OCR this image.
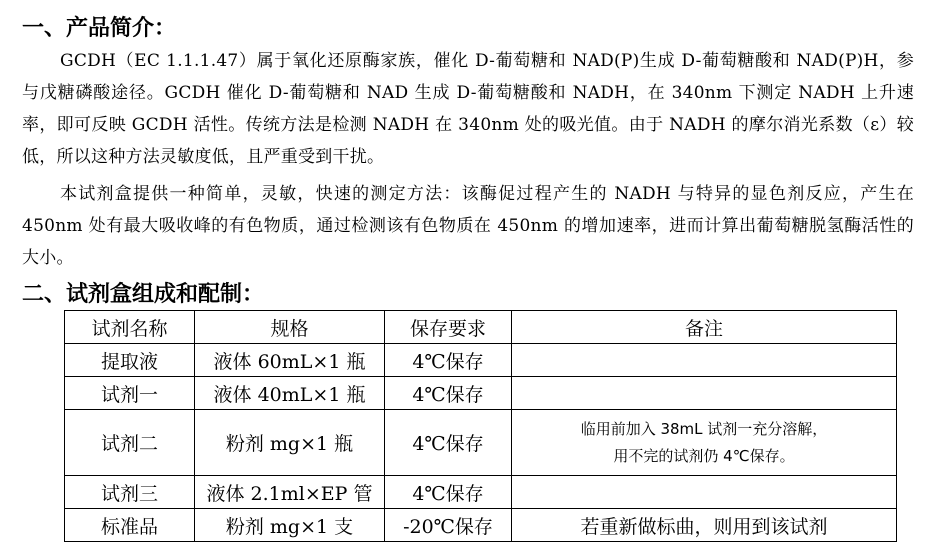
一、产品简介：

GCDH（EC 1.1.1.47）属于氧化还原酶家族，催化 D-葡萄糖和 NAD(P)生成 D-葡萄糖酸和 NAD(P)H，参与戊糖磷酸途径。GCDH 催化 D-葡萄糖和 NAD 生成 D-葡萄糖酸和 NADH，在 340nm 下测定 NADH 上升速率，即可反映 GCDH 活性。传统方法是检测 NADH 在 340nm 处的吸光值。由于 NADH 的摩尔消光系数（ε）较低，所以这种方法灵敏度低，且严重受到干扰。

本试剂盒提供一种简单，灵敏，快速的测定方法：该酶促过程产生的 NADH 与特异的显色剂反应，产生在 450nm 处有最大吸收峰的有色物质，通过检测该有色物质在 450nm 的增加速率，进而计算出葡萄糖脱氢酶活性的大小。

二、试剂盒组成和配制：
试剂名称	规格	保存要求	备注
提取液	液体 60mL×1 瓶	4℃保存	
试剂一	液体 40mL×1 瓶	4℃保存	
试剂二	粉剂 mg×1 瓶	4℃保存	临用前加入 38mL 试剂一充分溶解，
用不完的试剂仍 4℃保存。

试剂三	液体 2.1ml×EP 管	4℃保存	
标准品	粉剂 mg×1 支	-20℃保存	若重新做标曲，则用到该试剂
